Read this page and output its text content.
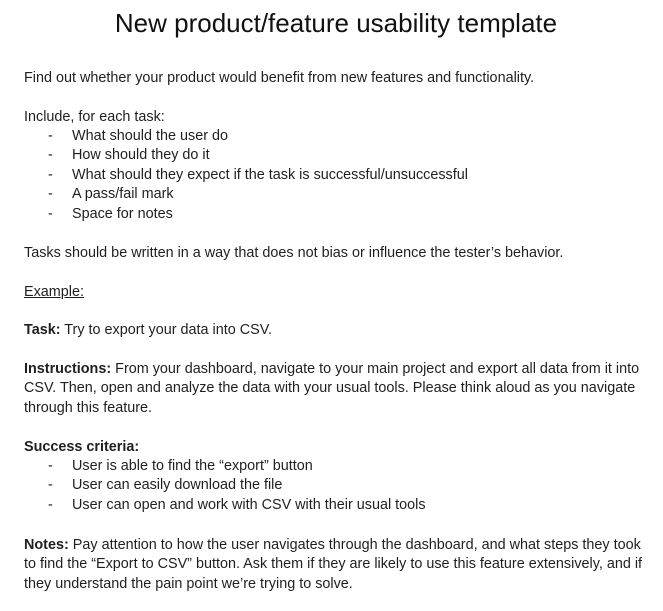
New product/feature usability template

Find out whether your product would benefit from new features and functionality.

Include, for each task:

- What should the user do
- How should they do it
- What should they expect if the task is successful/unsuccessful
- A pass/fail mark
- Space for notes

Tasks should be written in a way that does not bias or influence the tester’s behavior.

Example:

Task: Try to export your data into CSV.

Instructions: From your dashboard, navigate to your main project and export all data from it into CSV. Then, open and analyze the data with your usual tools. Please think aloud as you navigate through this feature.

Success criteria:

- User is able to find the “export” button
- User can easily download the file
- User can open and work with CSV with their usual tools

Notes: Pay attention to how the user navigates through the dashboard, and what steps they took to find the “Export to CSV” button. Ask them if they are likely to use this feature extensively, and if they understand the pain point we’re trying to solve.
